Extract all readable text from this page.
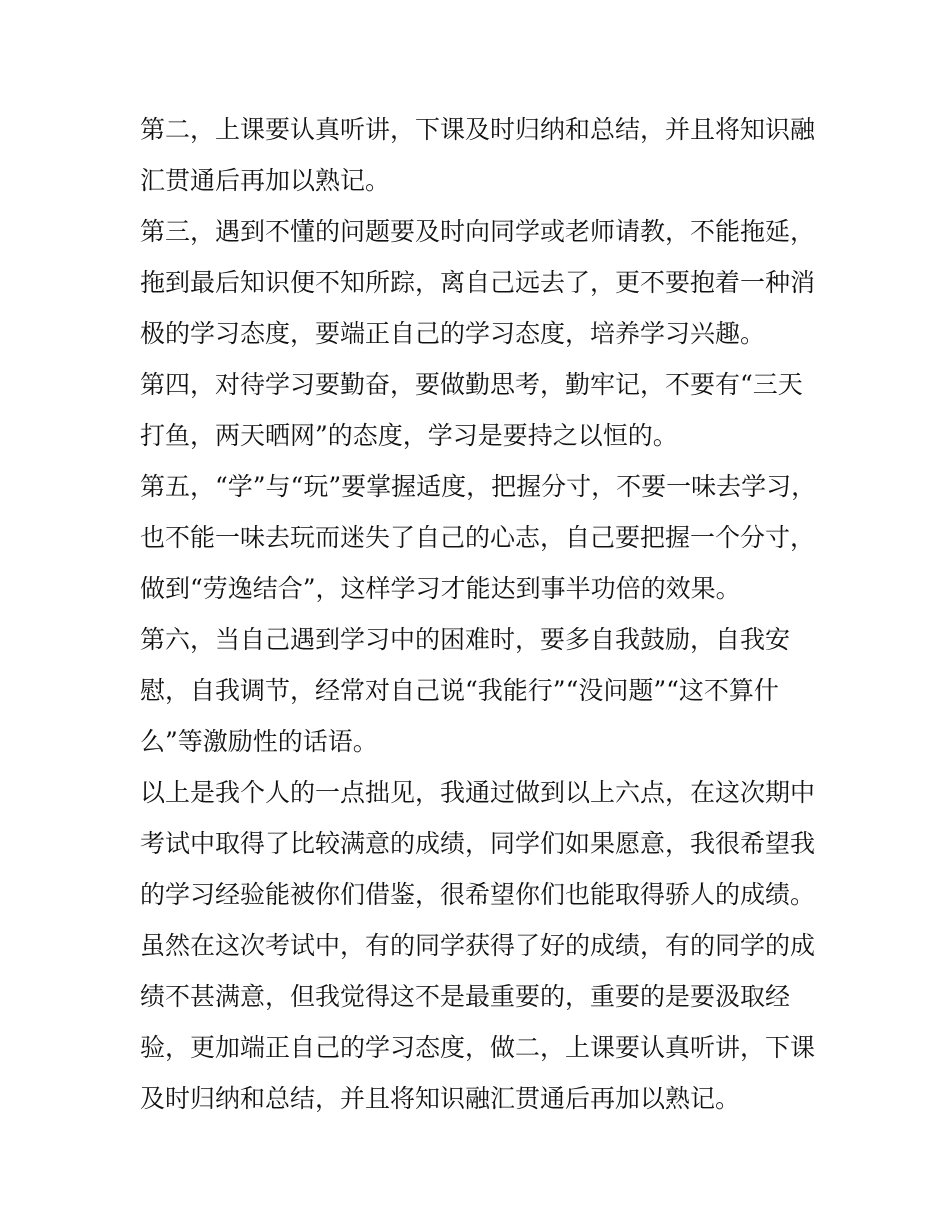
第二，上课要认真听讲，下课及时归纳和总结，并且将知识融
汇贯通后再加以熟记。
第三，遇到不懂的问题要及时向同学或老师请教，不能拖延，
拖到最后知识便不知所踪，离自己远去了，更不要抱着一种消
极的学习态度，要端正自己的学习态度，培养学习兴趣。
第四，对待学习要勤奋，要做勤思考，勤牢记，不要有“三天
打鱼，两天晒网”的态度，学习是要持之以恒的。
第五，“学”与“玩”要掌握适度，把握分寸，不要一味去学习，
也不能一味去玩而迷失了自己的心志，自己要把握一个分寸，
做到“劳逸结合”，这样学习才能达到事半功倍的效果。
第六，当自己遇到学习中的困难时，要多自我鼓励，自我安
慰，自我调节，经常对自己说“我能行”“没问题”“这不算什
么”等激励性的话语。
以上是我个人的一点拙见，我通过做到以上六点，在这次期中
考试中取得了比较满意的成绩，同学们如果愿意，我很希望我
的学习经验能被你们借鉴，很希望你们也能取得骄人的成绩。
虽然在这次考试中，有的同学获得了好的成绩，有的同学的成
绩不甚满意，但我觉得这不是最重要的，重要的是要汲取经
验，更加端正自己的学习态度，做二，上课要认真听讲，下课
及时归纳和总结，并且将知识融汇贯通后再加以熟记。
